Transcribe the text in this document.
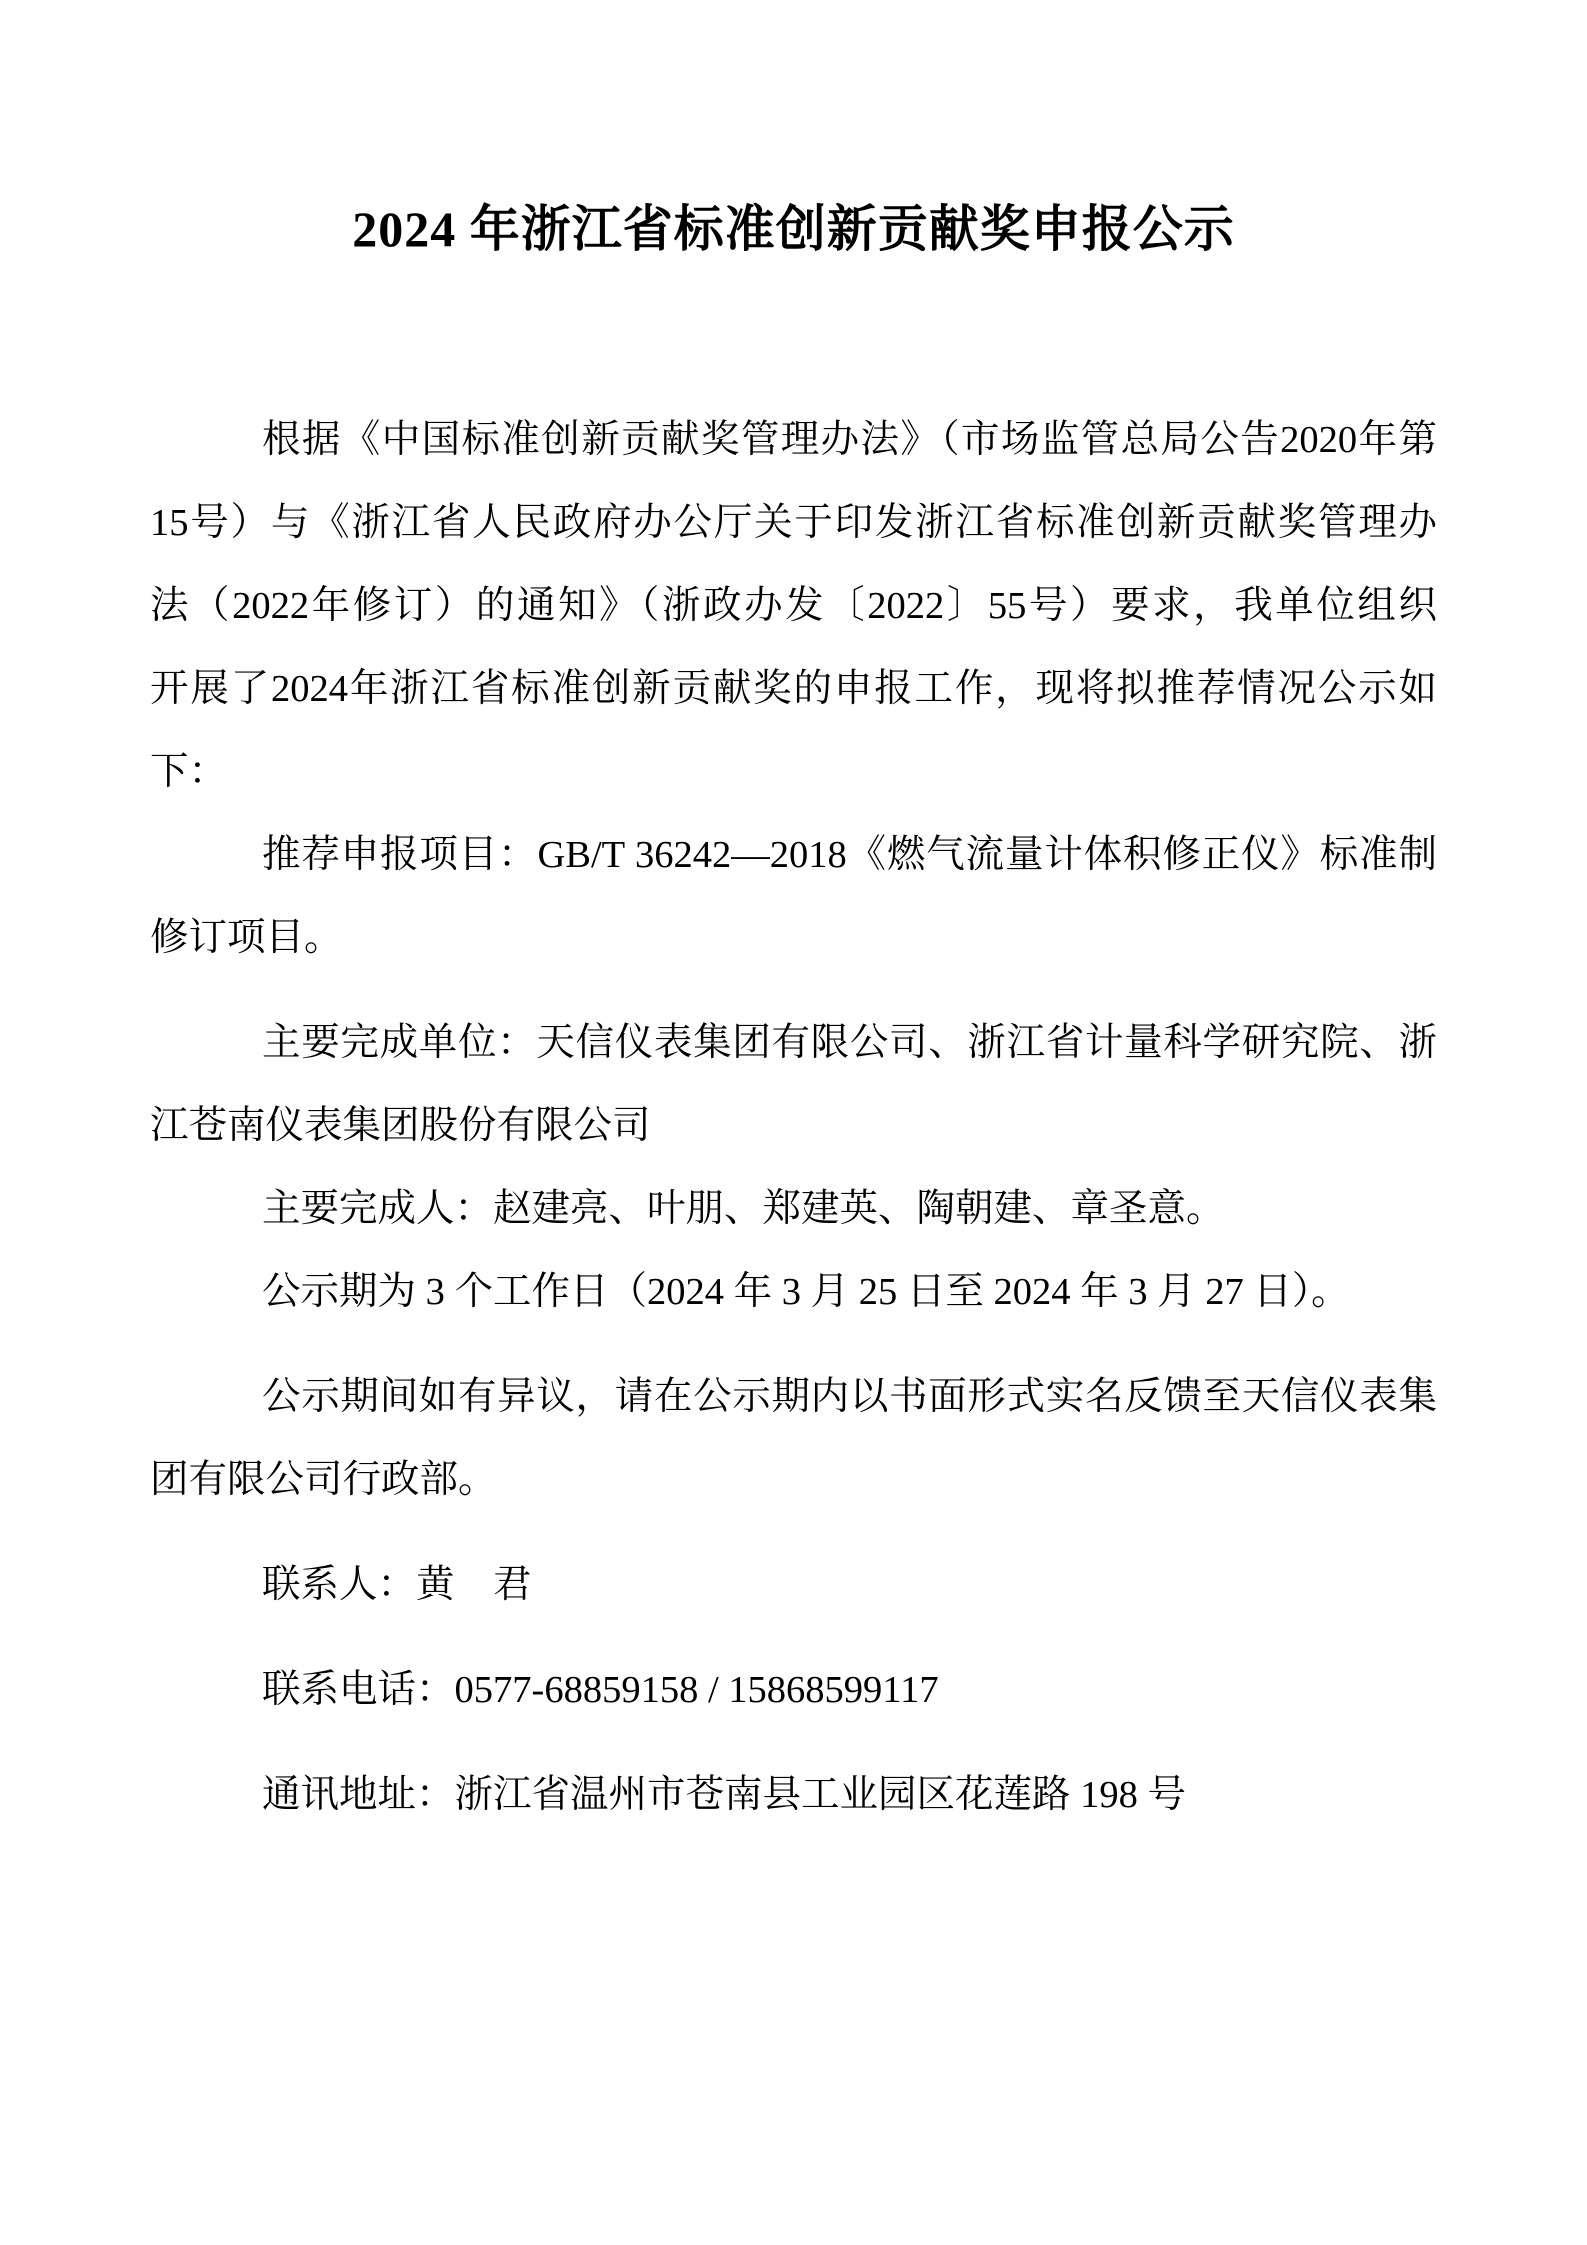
2024 年浙江省标准创新贡献奖申报公示
根据《中国标准创新贡献奖管理办法》（市场监管总局公告2020年第
15号）与《浙江省人民政府办公厅关于印发浙江省标准创新贡献奖管理办
法（2022年修订）的通知》（浙政办发〔2022〕55号）要求，我单位组织
开展了2024年浙江省标准创新贡献奖的申报工作，现将拟推荐情况公示如
下：
推荐申报项目：GB/T 36242—2018《燃气流量计体积修正仪》标准制
修订项目。
主要完成单位：天信仪表集团有限公司、浙江省计量科学研究院、浙
江苍南仪表集团股份有限公司
主要完成人：赵建亮、叶朋、郑建英、陶朝建、章圣意。
公示期为 3 个工作日（2024 年 3 月 25 日至 2024 年 3 月 27 日）。
公示期间如有异议，请在公示期内以书面形式实名反馈至天信仪表集
团有限公司行政部。
联系人：黄　君
联系电话：0577-68859158 / 15868599117
通讯地址：浙江省温州市苍南县工业园区花莲路 198 号
